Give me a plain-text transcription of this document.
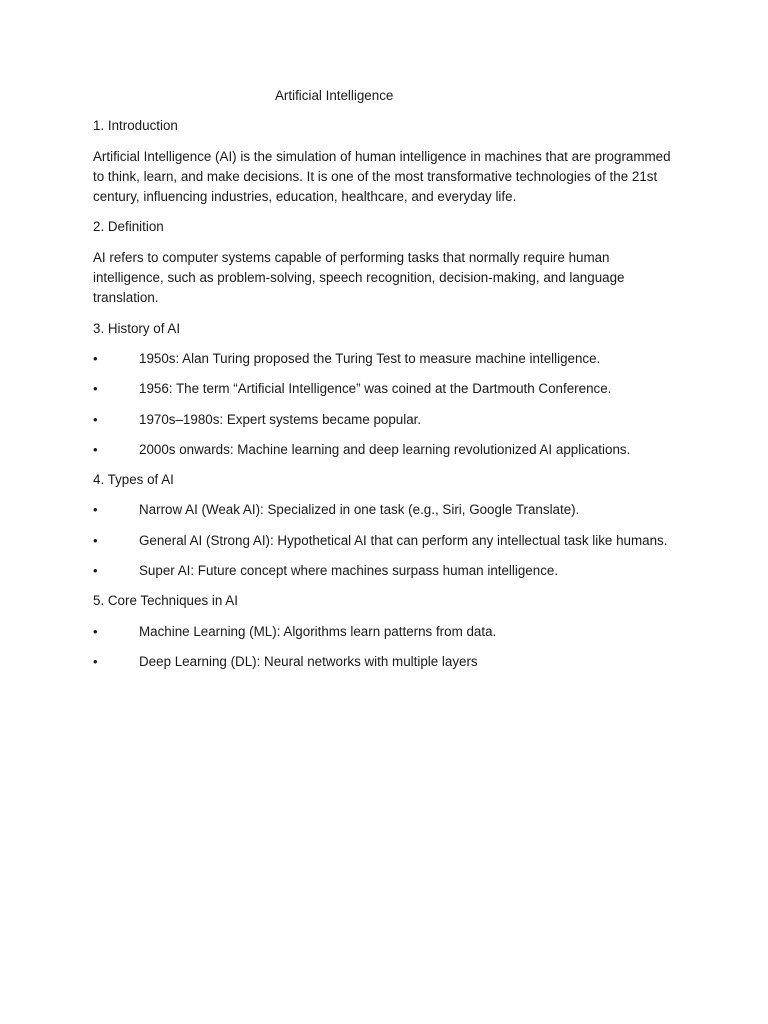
Artificial Intelligence

1. Introduction

Artificial Intelligence (AI) is the simulation of human intelligence in machines that are programmed to think, learn, and make decisions. It is one of the most transformative technologies of the 21st century, influencing industries, education, healthcare, and everyday life.

2. Definition

AI refers to computer systems capable of performing tasks that normally require human intelligence, such as problem-solving, speech recognition, decision-making, and language translation.

3. History of AI

•	1950s: Alan Turing proposed the Turing Test to measure machine intelligence.
•	1956: The term “Artificial Intelligence” was coined at the Dartmouth Conference.
•	1970s–1980s: Expert systems became popular.
•	2000s onwards: Machine learning and deep learning revolutionized AI applications.

4. Types of AI

•	Narrow AI (Weak AI): Specialized in one task (e.g., Siri, Google Translate).
•	General AI (Strong AI): Hypothetical AI that can perform any intellectual task like humans.
•	Super AI: Future concept where machines surpass human intelligence.

5. Core Techniques in AI

•	Machine Learning (ML): Algorithms learn patterns from data.
•	Deep Learning (DL): Neural networks with multiple layers
